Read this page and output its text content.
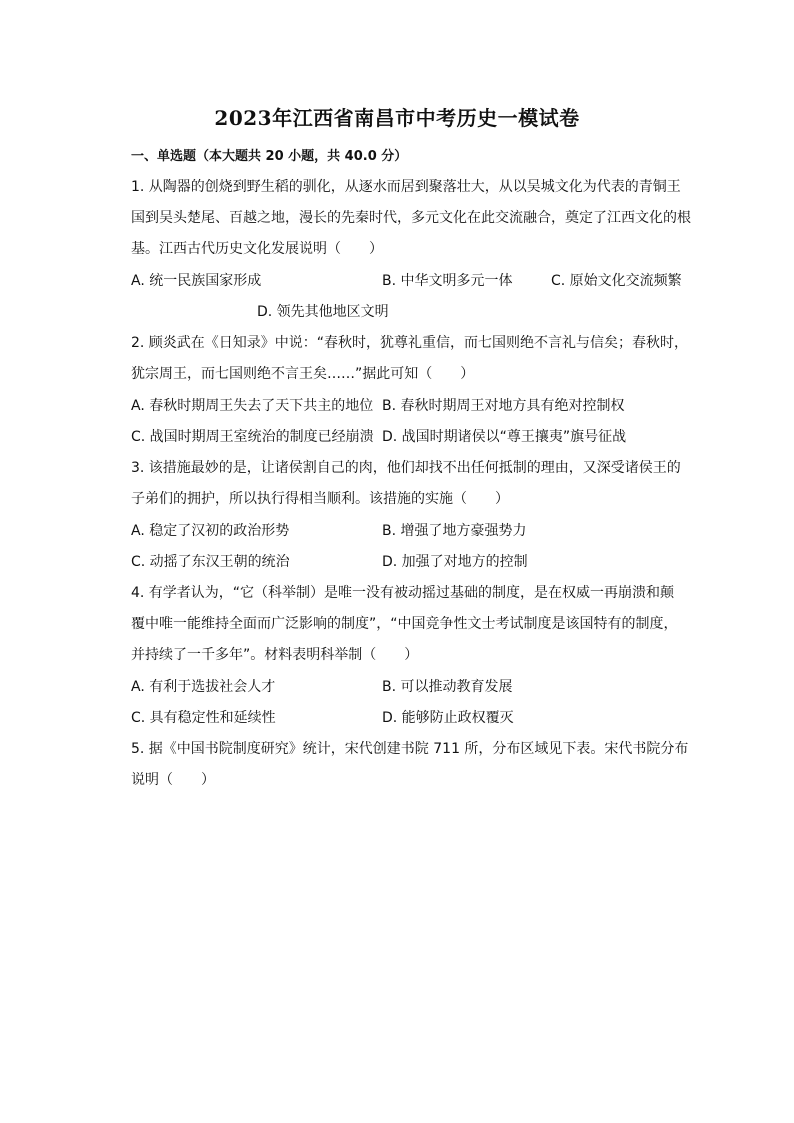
2023年江西省南昌市中考历史一模试卷
一、单选题（本大题共 20 小题，共 40.0 分）
1. 从陶器的创烧到野生稻的驯化，从逐水而居到聚落壮大，从以吴城文化为代表的青铜王
国到吴头楚尾、百越之地，漫长的先秦时代，多元文化在此交流融合，奠定了江西文化的根
基。江西古代历史文化发展说明（　　）
A. 统一民族国家形成	B. 中华文明多元一体	C. 原始文化交流频繁
D. 领先其他地区文明
2. 顾炎武在《日知录》中说：“春秋时，犹尊礼重信，而七国则绝不言礼与信矣；春秋时，
犹宗周王，而七国则绝不言王矣……”据此可知（　　）
A. 春秋时期周王失去了天下共主的地位 B. 春秋时期周王对地方具有绝对控制权
C. 战国时期周王室统治的制度已经崩溃 D. 战国时期诸侯以“尊王攘夷”旗号征战
3. 该措施最妙的是，让诸侯割自己的肉，他们却找不出任何抵制的理由，又深受诸侯王的
子弟们的拥护，所以执行得相当顺利。该措施的实施（　　）
A. 稳定了汉初的政治形势	B. 增强了地方豪强势力
C. 动摇了东汉王朝的统治	D. 加强了对地方的控制
4. 有学者认为，“它（科举制）是唯一没有被动摇过基础的制度，是在权威一再崩溃和颠
覆中唯一能维持全面而广泛影响的制度”，“中国竞争性文士考试制度是该国特有的制度，
并持续了一千多年”。材料表明科举制（　　）
A. 有利于选拔社会人才	B. 可以推动教育发展
C. 具有稳定性和延续性	D. 能够防止政权覆灭
5. 据《中国书院制度研究》统计，宋代创建书院 711 所，分布区域见下表。宋代书院分布
说明（　　）
